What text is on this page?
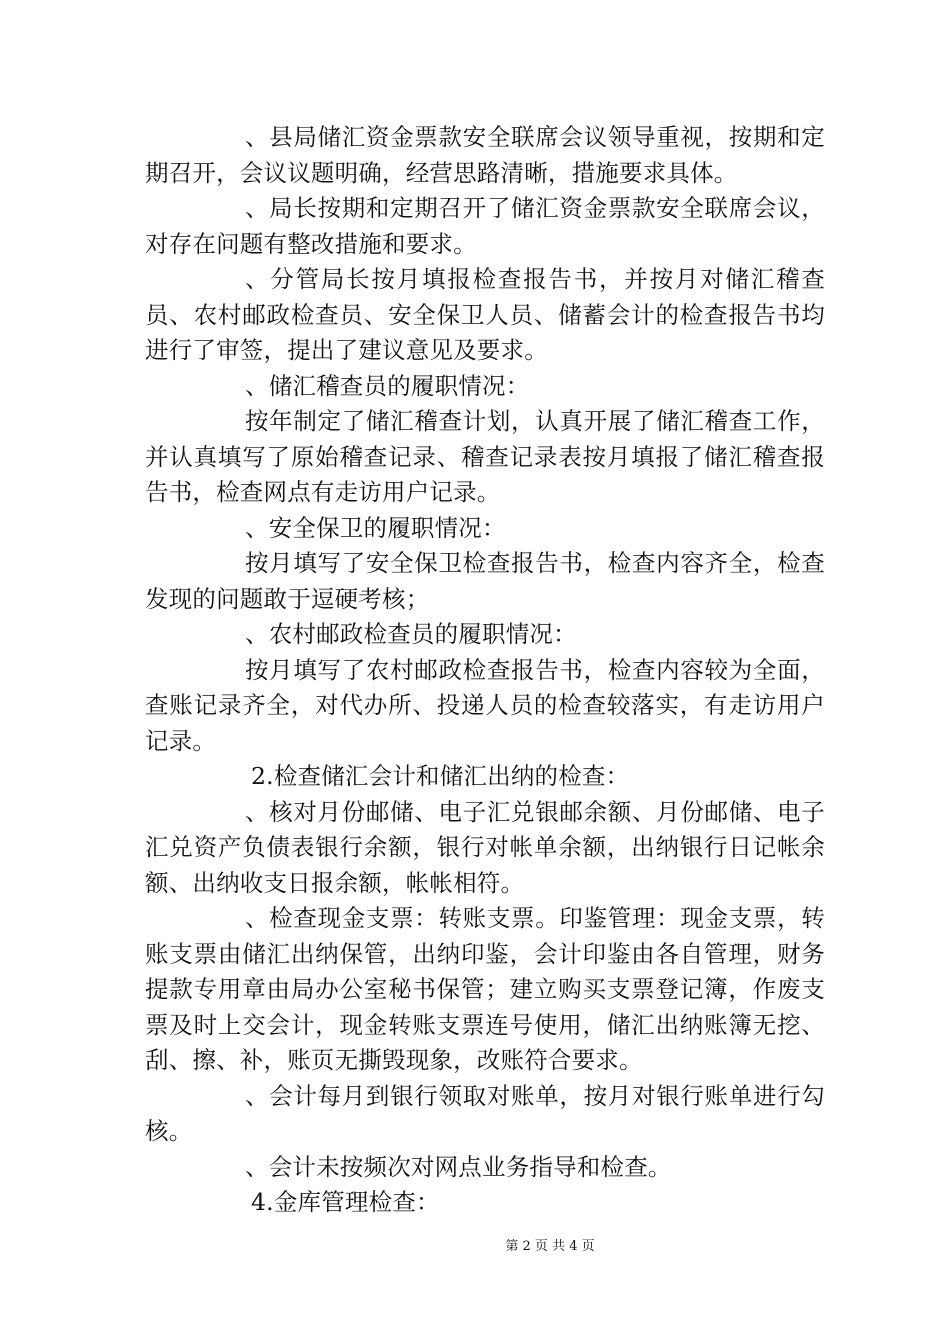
、县局储汇资金票款安全联席会议领导重视，按期和定期召开，会议议题明确，经营思路清晰，措施要求具体。

、局长按期和定期召开了储汇资金票款安全联席会议，对存在问题有整改措施和要求。

、分管局长按月填报检查报告书，并按月对储汇稽查员、农村邮政检查员、安全保卫人员、储蓄会计的检查报告书均进行了审签，提出了建议意见及要求。

、储汇稽查员的履职情况：

按年制定了储汇稽查计划，认真开展了储汇稽查工作，并认真填写了原始稽查记录、稽查记录表按月填报了储汇稽查报告书，检查网点有走访用户记录。

、安全保卫的履职情况：

按月填写了安全保卫检查报告书，检查内容齐全，检查发现的问题敢于逗硬考核；

、农村邮政检查员的履职情况：

按月填写了农村邮政检查报告书，检查内容较为全面，查账记录齐全，对代办所、投递人员的检查较落实，有走访用户记录。

2.检查储汇会计和储汇出纳的检查：

、核对月份邮储、电子汇兑银邮余额、月份邮储、电子汇兑资产负债表银行余额，银行对帐单余额，出纳银行日记帐余额、出纳收支日报余额，帐帐相符。

、检查现金支票：转账支票。印鉴管理：现金支票，转账支票由储汇出纳保管，出纳印鉴，会计印鉴由各自管理，财务提款专用章由局办公室秘书保管；建立购买支票登记簿，作废支票及时上交会计，现金转账支票连号使用，储汇出纳账簿无挖、刮、擦、补，账页无撕毁现象，改账符合要求。

、会计每月到银行领取对账单，按月对银行账单进行勾核。

、会计未按频次对网点业务指导和检查。

4.金库管理检查：

第 2 页 共 4 页
